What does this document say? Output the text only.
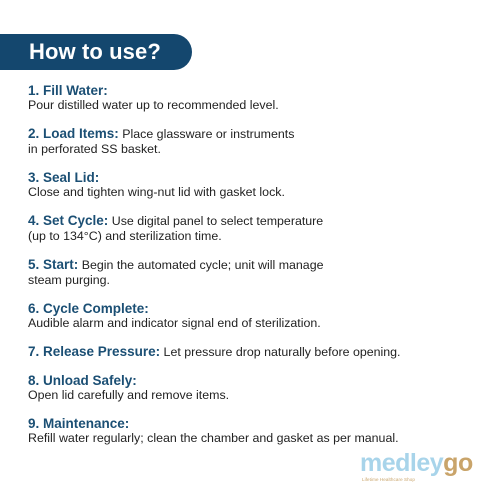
How to use?
1. Fill Water:
Pour distilled water up to recommended level.
2. Load Items: Place glassware or instruments
in perforated SS basket.
3. Seal Lid:
Close and tighten wing-nut lid with gasket lock.
4. Set Cycle: Use digital panel to select temperature
(up to 134°C) and sterilization time.
5. Start: Begin the automated cycle; unit will manage
steam purging.
6. Cycle Complete:
Audible alarm and indicator signal end of sterilization.
7. Release Pressure: Let pressure drop naturally before opening.
8. Unload Safely:
Open lid carefully and remove items.
9. Maintenance:
Refill water regularly; clean the chamber and gasket as per manual.
medleygo
Lifetime Healthcare Shop
